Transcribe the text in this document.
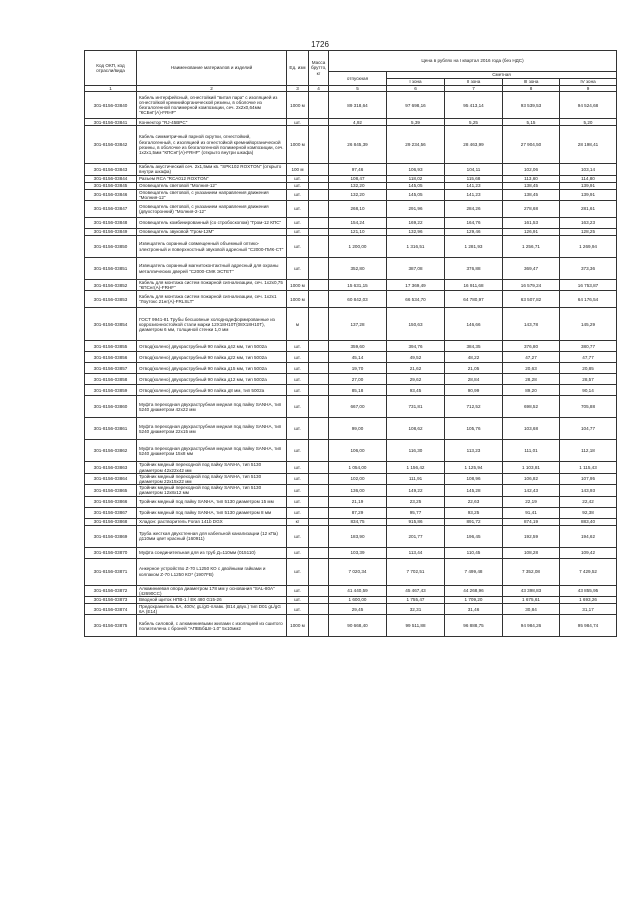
1726
Код ОКП, код отрасли/вида	Наименование материалов и изделий	Ед. изм	Масса брутто, кг	Цена в рублях на I квартал 2016 года (без НДС)				
				отпускная	Сметная			
					I зона	II зона	III зона	IV зона
1	2	3	4	5	6	7	8	9
301-8156-03840	Кабель интерфейсный, огнестойкий "витая пара" с изоляцией из огнестойкой кремнийорганической резины, в оболочке из безгалогенной полимерной композиции, сеч. 2х2х0,64мм "КСБнГ(А)-FRHF"	1000 м		89 318,64	97 698,16	95 413,14	93 539,53	94 524,68
301-8156-03841	Коннектор "RJ-45BPC"	шт.		4,92	5,39	5,25	5,15	5,20
301-8156-03842	Кабель симметричный парной скрутки, огнестойкий, безгалогенный, с изоляцией из огнестойкой кремнийорганической резины, в оболочке из безгалогенной полимерной композиции, сеч. 1х2х1,5мм "КПСнГ(А)-FRHF" (открыто внутри шкафа)	1000 м		26 845,39	29 234,56	28 463,99	27 904,50	28 198,41
301-8156-03843	Кабель акустический сеч. 2х1,5мм кв. "SPK102 ROXTON" (открыто внутри шкафа)	100 м		97,46	106,93	104,11	102,06	103,14
301-8156-03844	Разъем RCA "RCA012 ROXTON"	шт.		108,47	118,02	115,68	113,60	114,80
301-8156-03845	Оповещатель световой "Молния-12"	шт.		132,20	145,05	141,23	138,45	139,91
301-8156-03846	Оповещатель световой, с указанием направления движения "Молния-12"	шт.		132,20	145,05	141,23	138,45	139,91
301-8156-03847	Оповещатель световой, с указанием направления движения (двухсторонний) "Молния-2-12"	шт.		268,10	291,96	284,26	278,68	281,61
301-8156-03848	Оповещатель комбинированный (со стробоскопом) "Гром-12 КПС"	шт.		154,24	169,22	164,76	161,53	163,23
301-8156-03849	Оповещатель звуковой "Гром-12М"	шт.		121,10	132,96	129,46	126,91	128,25
301-8156-03850	Извещатель охранный совмещенный объемный оптико-электронный и поверхностный звуковой адресный "С2000-ПИК-СТ"	шт.		1 200,00	1 316,51	1 281,93	1 256,71	1 269,94
301-8156-03851	Извещатель охранный магнитоконтактный адресный для охраны металлических дверей "С2000-СМК ЭСТЕТ"	шт.		352,80	387,08	376,88	369,47	373,36
301-8156-03852	Кабель для монтажа систем пожарной сигнализации, сеч. 1х2х0,75 "КПСнг(А)-FRHF"	1000 м		15 631,15	17 369,49	16 911,68	16 579,24	16 753,87
301-8156-03853	Кабель для монтажа систем пожарной сигнализации, сеч. 1х2х1 "Лоутокс 21нг(А)-FRLSLT"	1000 м		60 842,03	66 534,70	64 780,97	63 507,82	64 176,54
301-8156-03854	ГОСТ 9941-81 Трубы бесшовные холоднодеформированные из коррозионностойкой стали марки 12Х18Н10Т(08Х18Н10Т), диаметром 6 мм, толщиной стенки 1,0 мм	м		137,28	150,63	146,66	143,78	145,29
301-8156-03855	Отвод(колено) двухраструбный 90 пайка д42 мм, тип 5002а	шт.		359,60	394,76	384,35	376,80	380,77
301-8156-03856	Отвод(колено) двухраструбный 90 пайка д22 мм, тип 5002а	шт.		45,14	49,52	48,22	47,27	47,77
301-8156-03857	Отвод(колено) двухраструбный 90 пайка д15 мм, тип 5002а	шт.		19,70	21,62	21,05	20,63	20,85
301-8156-03858	Отвод(колено) двухраструбный 90 пайка д12 мм, тип 5002а	шт.		27,00	29,62	28,84	28,28	28,57
301-8156-03859	Отвод(колено) двухраструбный 90 пайка д8 мм, тип 5002а	шт.		85,18	93,45	90,99	89,20	90,14
301-8156-03860	Муфта переходная двухраструбная медная под пайку SANHA, тип 5240 диаметром 42х22 мм	шт.		667,00	731,81	712,52	698,52	705,88
301-8156-03861	Муфта переходная двухраструбная медная под пайку SANHA, тип 5240 диаметром 22х15 мм	шт.		99,00	108,62	105,76	103,68	104,77
301-8156-03862	Муфта переходная двухраструбная медная под пайку SANHA, тип 5240 диаметром 15х8 мм	шт.		106,00	116,30	113,23	111,01	112,18
301-8156-03863	Тройник медный переходной под пайку SANHA, тип 5130 диаметром 42х22х42 мм	шт.		1 054,00	1 156,42	1 125,94	1 103,81	1 115,43
301-8156-03864	Тройник медный переходной под пайку SANHA, тип 5130 диаметром 22х15х22 мм	шт.		102,00	111,91	108,96	106,82	107,95
301-8156-03865	Тройник медный переходной под пайку SANHA, тип 5130 диаметром 12х8х12 мм	шт.		136,00	149,22	145,28	142,43	143,93
301-8156-03866	Тройник медный под пайку SANHA, тип 5130 диаметром 15 мм	шт.		21,19	23,25	22,63	22,19	22,42
301-8156-03867	Тройник медный под пайку SANHA, тип 5130 диаметром 8 мм	шт.		87,29	95,77	93,25	91,41	92,38
301-8156-03868	Хладон: растворитель Foran 141b DGX	кг		834,75	915,86	891,72	874,19	883,40
301-8156-03869	Труба жесткая двухстенная для кабельной канализации (12 кПа) д110мм цвет красный (160911)	шт.		183,90	201,77	196,45	192,59	194,62
301-8156-03870	Муфта соединительная для из труб Д=110мм (015110)	шт.		103,39	113,44	110,45	108,28	109,42
301-8156-03871	Анкерное устройство Z-70 L1250 КО с двойными гайками и колпаком Z-70 L1250 КО* (1907FB)	шт.		7 020,34	7 702,51	7 499,48	7 352,08	7 429,52
301-8156-03872	Алюминиевая опора диаметром 178 мм у основания "SAL-80А" (42690СС)	шт.		41 440,59	45 467,43	44 268,96	43 398,83	43 855,95
301-8156-03873	Вводной щиток НПВ-1 / ЕК 480 G15-26	шт.		1 600,00	1 755,47	1 709,20	1 675,61	1 693,26
301-8156-03874	Предохранитель 6А, 400V, gL/gG-плавк. (В14 двух.) тип D01 gL/gG 6А (Е14)	шт.		29,45	32,31	31,46	30,84	31,17
301-8156-03875	Кабель силовой, с алюминиевыми жилами с изоляцией из сшитого полиэтилена с броней "АПВБбШп-1.0" 5х10мм2	1000 м		90 668,40	99 511,88	96 888,75	94 984,26	95 984,74
